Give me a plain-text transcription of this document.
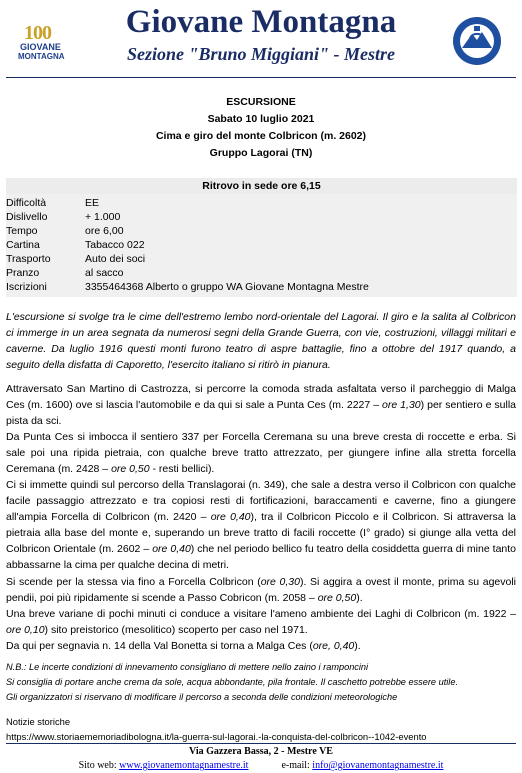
100
GIOVANE
MONTAGNA
Giovane Montagna
Sezione "Bruno Miggiani" - Mestre
ESCURSIONE
Sabato 10 luglio 2021
Cima e giro del monte Colbricon (m. 2602)
Gruppo Lagorai (TN)
Ritrovo in sede ore 6,15
Difficoltà	EE
Dislivello	+ 1.000
Tempo	ore 6,00
Cartina	Tabacco 022
Trasporto	Auto dei soci
Pranzo	al sacco
Iscrizioni	3355464368 Alberto o gruppo WA Giovane Montagna Mestre
L'escursione si svolge tra le cime dell'estremo lembo nord-orientale del Lagorai. Il giro e la salita al Colbricon ci immerge in un area segnata da numerosi segni della Grande Guerra, con vie, costruzioni, villaggi militari e caverne. Da luglio 1916 questi monti furono teatro di aspre battaglie, fino a ottobre del 1917 quando, a seguito della disfatta di Caporetto, l'esercito italiano si ritirò in pianura.

Attraversato San Martino di Castrozza, si percorre la comoda strada asfaltata verso il parcheggio di Malga Ces (m. 1600) ove si lascia l'automobile e da qui si sale a Punta Ces (m. 2227 – ore 1,30) per sentiero e sulla pista da sci.

Da Punta Ces si imbocca il sentiero 337 per Forcella Ceremana su una breve cresta di roccette e erba. Si sale poi una ripida pietraia, con qualche breve tratto attrezzato, per giungere infine alla stretta forcella Ceremana (m. 2428 – ore 0,50 - resti bellici).

Ci si immette quindi sul percorso della Translagorai (n. 349), che sale a destra verso il Colbricon con qualche facile passaggio attrezzato e tra copiosi resti di fortificazioni, baraccamenti e caverne, fino a giungere all'ampia Forcella di Colbricon (m. 2420 – ore 0,40), tra il Colbricon Piccolo e il Colbricon. Si attraversa la pietraia alla base del monte e, superando un breve tratto di facili roccette (I° grado) si giunge alla vetta del Colbricon Orientale (m. 2602 – ore 0,40) che nel periodo bellico fu teatro della cosiddetta guerra di mine tanto abbassarne la cima per qualche decina di metri.

Si scende per la stessa via fino a Forcella Colbricon (ore 0,30). Si aggira a ovest il monte, prima su agevoli pendii, poi più ripidamente si scende a Passo Cobricon (m. 2058 – ore 0,50).

Una breve variane di pochi minuti ci conduce a visitare l'ameno ambiente dei Laghi di Colbricon (m. 1922 – ore 0,10) sito preistorico (mesolitico) scoperto per caso nel 1971.

Da qui per segnavia n. 14 della Val Bonetta si torna a Malga Ces (ore, 0,40).

N.B.: Le incerte condizioni di innevamento consigliano di mettere nello zaino i ramponcini
Si consiglia di portare anche crema da sole, acqua abbondante, pila frontale. Il caschetto potrebbe essere utile.
Gli organizzatori si riservano di modificare il percorso a seconda delle condizioni meteorologiche
Notizie storiche
https://www.storiaememoriadibologna.it/la-guerra-sul-lagorai.-la-conquista-del-colbricon--1042-evento
Via Gazzera Bassa, 2 - Mestre VE
Sito web: www.giovanemontagnamestre.it	e-mail: info@giovanemontagnamestre.it
